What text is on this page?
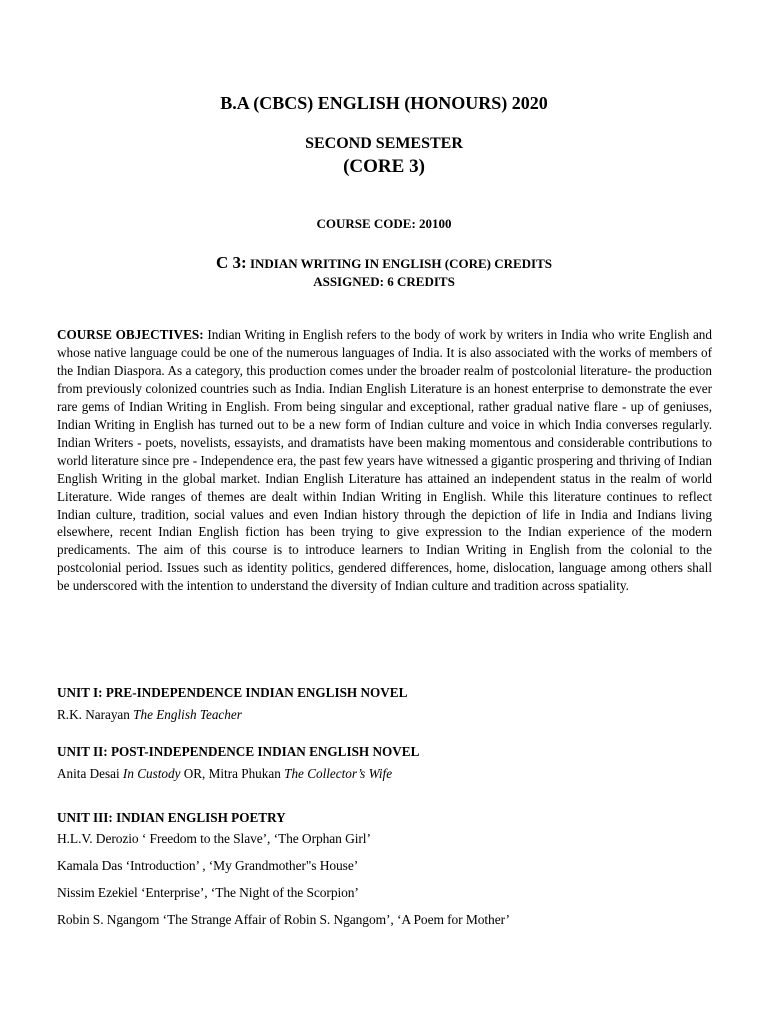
B.A (CBCS) ENGLISH (HONOURS) 2020
SECOND SEMESTER
(CORE 3)
COURSE CODE: 20100
C 3: INDIAN WRITING IN ENGLISH (CORE) CREDITS
ASSIGNED: 6 CREDITS
COURSE OBJECTIVES: Indian Writing in English refers to the body of work by writers in India who write English and whose native language could be one of the numerous languages of India. It is also associated with the works of members of the Indian Diaspora. As a category, this production comes under the broader realm of postcolonial literature- the production from previously colonized countries such as India. Indian English Literature is an honest enterprise to demonstrate the ever rare gems of Indian Writing in English. From being singular and exceptional, rather gradual native flare - up of geniuses, Indian Writing in English has turned out to be a new form of Indian culture and voice in which India converses regularly. Indian Writers - poets, novelists, essayists, and dramatists have been making momentous and considerable contributions to world literature since pre - Independence era, the past few years have witnessed a gigantic prospering and thriving of Indian English Writing in the global market. Indian English Literature has attained an independent status in the realm of world Literature. Wide ranges of themes are dealt within Indian Writing in English. While this literature continues to reflect Indian culture, tradition, social values and even Indian history through the depiction of life in India and Indians living elsewhere, recent Indian English fiction has been trying to give expression to the Indian experience of the modern predicaments. The aim of this course is to introduce learners to Indian Writing in English from the colonial to the postcolonial period. Issues such as identity politics, gendered differences, home, dislocation, language among others shall be underscored with the intention to understand the diversity of Indian culture and tradition across spatiality.
UNIT I: PRE-INDEPENDENCE INDIAN ENGLISH NOVEL
R.K. Narayan The English Teacher
UNIT II: POST-INDEPENDENCE INDIAN ENGLISH NOVEL
Anita Desai In Custody OR, Mitra Phukan The Collector’s Wife
UNIT III: INDIAN ENGLISH POETRY
H.L.V. Derozio ‘ Freedom to the Slave’, ‘The Orphan Girl’
Kamala Das ‘Introduction’ , ‘My Grandmother"s House’
Nissim Ezekiel ‘Enterprise’, ‘The Night of the Scorpion’
Robin S. Ngangom ‘The Strange Affair of Robin S. Ngangom’, ‘A Poem for Mother’
